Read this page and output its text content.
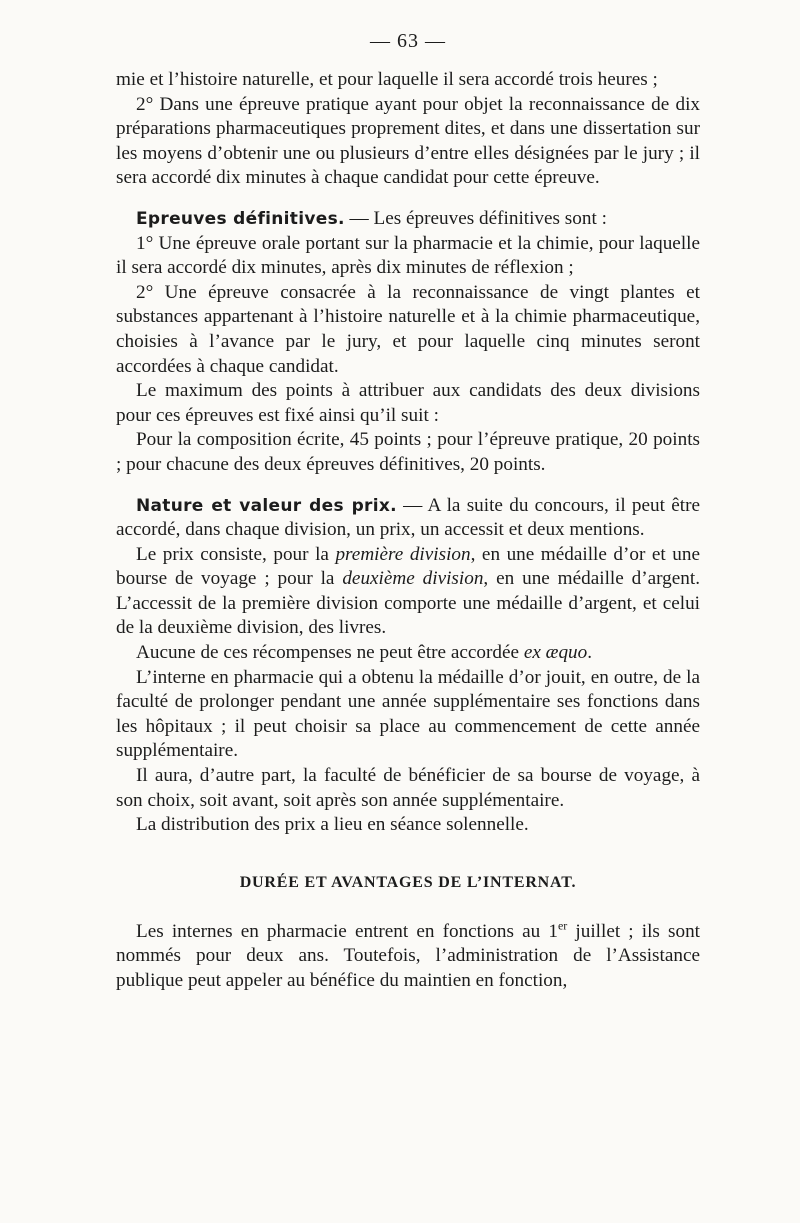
— 63 —

mie et l’histoire naturelle, et pour laquelle il sera accordé trois heures ;

2° Dans une épreuve pratique ayant pour objet la reconnaissance de dix préparations pharmaceutiques proprement dites, et dans une dissertation sur les moyens d’obtenir une ou plusieurs d’entre elles désignées par le jury ; il sera accordé dix minutes à chaque candidat pour cette épreuve.

Epreuves définitives. — Les épreuves définitives sont :

1° Une épreuve orale portant sur la pharmacie et la chimie, pour laquelle il sera accordé dix minutes, après dix minutes de réflexion ;

2° Une épreuve consacrée à la reconnaissance de vingt plantes et substances appartenant à l’histoire naturelle et à la chimie pharmaceutique, choisies à l’avance par le jury, et pour laquelle cinq minutes seront accordées à chaque candidat.

Le maximum des points à attribuer aux candidats des deux divisions pour ces épreuves est fixé ainsi qu’il suit :

Pour la composition écrite, 45 points ; pour l’épreuve pratique, 20 points ; pour chacune des deux épreuves définitives, 20 points.

Nature et valeur des prix. — A la suite du concours, il peut être accordé, dans chaque division, un prix, un accessit et deux mentions.

Le prix consiste, pour la première division, en une médaille d’or et une bourse de voyage ; pour la deuxième division, en une médaille d’argent. L’accessit de la première division comporte une médaille d’argent, et celui de la deuxième division, des livres.

Aucune de ces récompenses ne peut être accordée ex æquo.

L’interne en pharmacie qui a obtenu la médaille d’or jouit, en outre, de la faculté de prolonger pendant une année supplémentaire ses fonctions dans les hôpitaux ; il peut choisir sa place au commencement de cette année supplémentaire.

Il aura, d’autre part, la faculté de bénéficier de sa bourse de voyage, à son choix, soit avant, soit après son année supplémentaire.

La distribution des prix a lieu en séance solennelle.

DURÉE ET AVANTAGES DE L’INTERNAT.

Les internes en pharmacie entrent en fonctions au 1er juillet ; ils sont nommés pour deux ans. Toutefois, l’administration de l’Assistance publique peut appeler au bénéfice du maintien en fonction,
